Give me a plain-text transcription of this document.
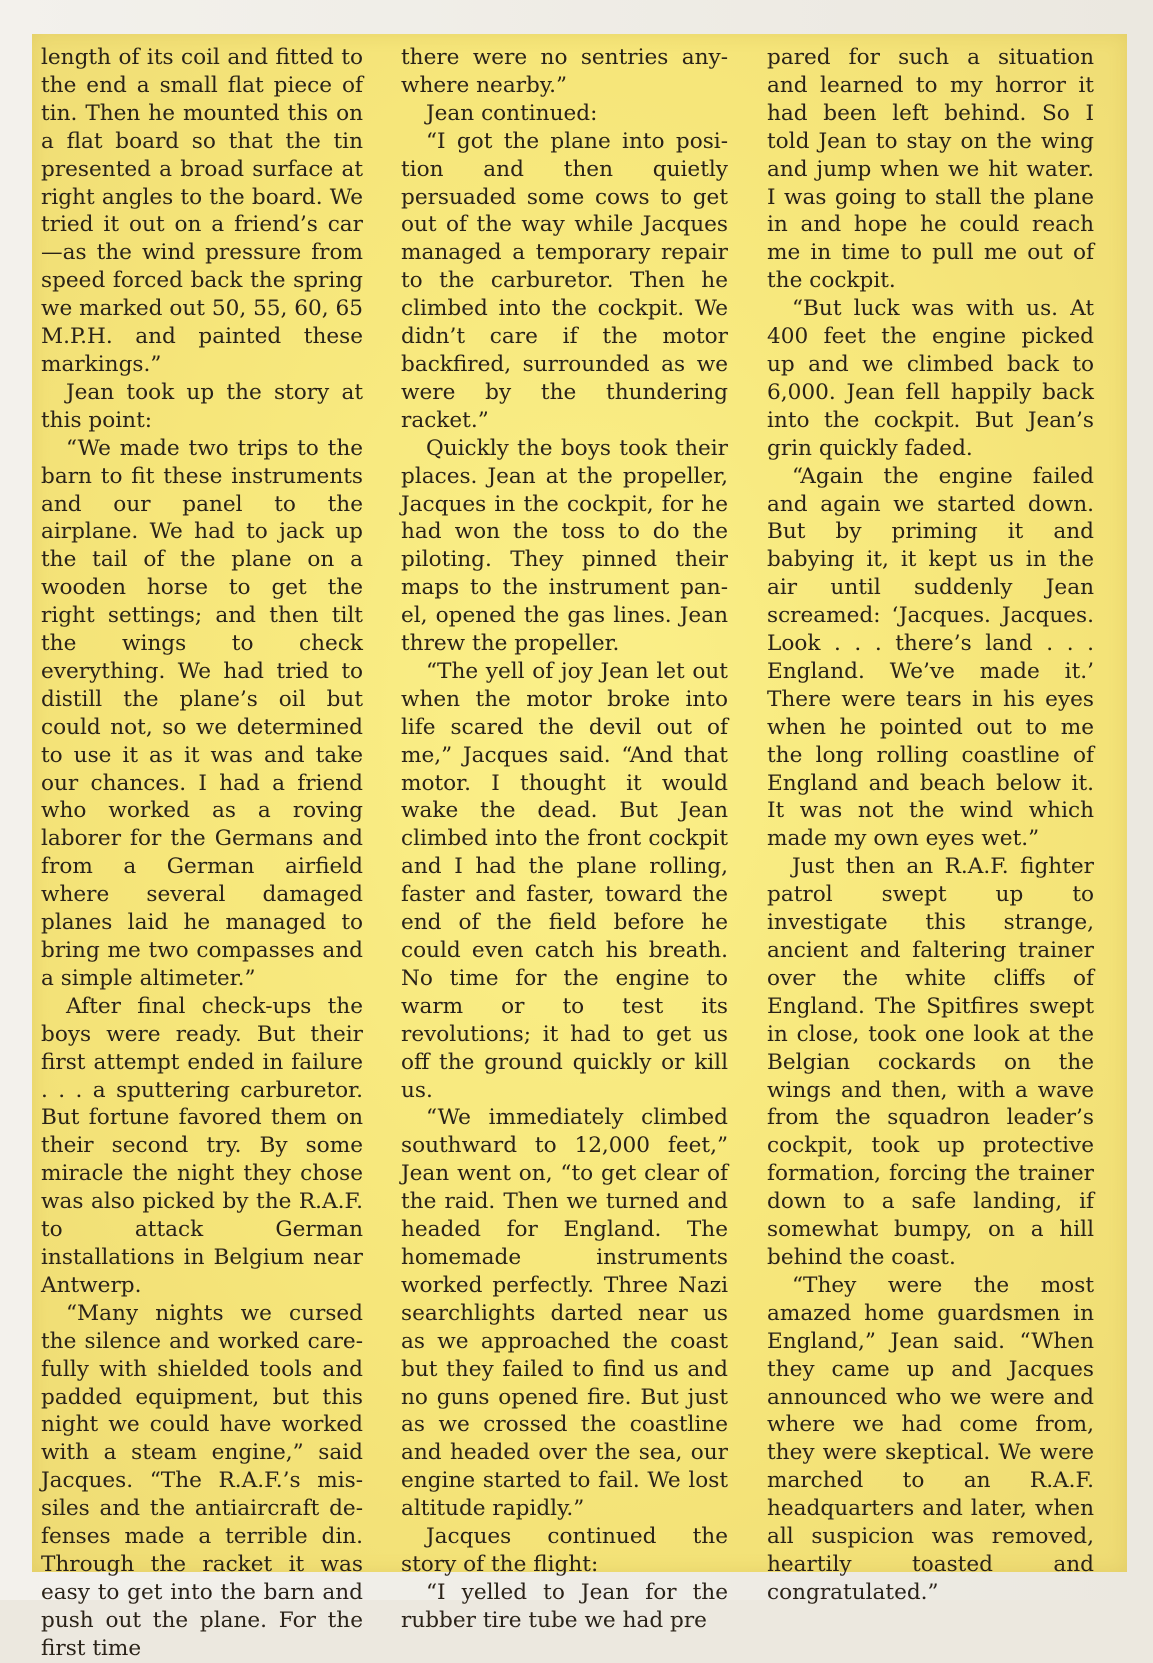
length of its coil and fitted to the end a small flat piece of tin. Then he mounted this on a flat board so that the tin presented a broad surface at right angles to the board. We tried it out on a friend’s car—as the wind pressure from speed forced back the spring we marked out 50, 55, 60, 65 M.P.H. and painted these markings.”

Jean took up the story at this point:

“We made two trips to the barn to fit these instruments and our panel to the airplane. We had to jack up the tail of the plane on a wooden horse to get the right settings; and then tilt the wings to check everything. We had tried to distill the plane’s oil but could not, so we determined to use it as it was and take our chances. I had a friend who worked as a roving laborer for the Germans and from a German airfield where several damaged planes laid he managed to bring me two compasses and a simple altimeter.”

After final check-ups the boys were ready. But their first attempt ended in failure . . . a sputtering carburetor. But fortune favored them on their second try. By some miracle the night they chose was also picked by the R.A.F. to attack German installations in Belgium near Antwerp.

“Many nights we cursed the silence and worked carefully with shielded tools and padded equipment, but this night we could have worked with a steam engine,” said Jacques. “The R.A.F.’s missiles and the antiaircraft defenses made a terrible din. Through the racket it was easy to get into the barn and push out the plane. For the first time

there were no sentries anywhere nearby.”

Jean continued:

“I got the plane into position and then quietly persuaded some cows to get out of the way while Jacques managed a temporary repair to the carburetor. Then he climbed into the cockpit. We didn’t care if the motor backfired, surrounded as we were by the thundering racket.”

Quickly the boys took their places. Jean at the propeller, Jacques in the cockpit, for he had won the toss to do the piloting. They pinned their maps to the instrument panel, opened the gas lines. Jean threw the propeller.

“The yell of joy Jean let out when the motor broke into life scared the devil out of me,” Jacques said. “And that motor. I thought it would wake the dead. But Jean climbed into the front cockpit and I had the plane rolling, faster and faster, toward the end of the field before he could even catch his breath. No time for the engine to warm or to test its revolutions; it had to get us off the ground quickly or kill us.

“We immediately climbed southward to 12,000 feet,” Jean went on, “to get clear of the raid. Then we turned and headed for England. The homemade instruments worked perfectly. Three Nazi searchlights darted near us as we approached the coast but they failed to find us and no guns opened fire. But just as we crossed the coastline and headed over the sea, our engine started to fail. We lost altitude rapidly.”

Jacques continued the story of the flight:

“I yelled to Jean for the rubber tire tube we had pre

pared for such a situation and learned to my horror it had been left behind. So I told Jean to stay on the wing and jump when we hit water. I was going to stall the plane in and hope he could reach me in time to pull me out of the cockpit.

“But luck was with us. At 400 feet the engine picked up and we climbed back to 6,000. Jean fell happily back into the cockpit. But Jean’s grin quickly faded.

“Again the engine failed and again we started down. But by priming it and babying it, it kept us in the air until suddenly Jean screamed: ‘Jacques. Jacques. Look . . . there’s land . . . England. We’ve made it.’ There were tears in his eyes when he pointed out to me the long rolling coastline of England and beach below it. It was not the wind which made my own eyes wet.”

Just then an R.A.F. fighter patrol swept up to investigate this strange, ancient and faltering trainer over the white cliffs of England. The Spitfires swept in close, took one look at the Belgian cockards on the wings and then, with a wave from the squadron leader’s cockpit, took up protective formation, forcing the trainer down to a safe landing, if somewhat bumpy, on a hill behind the coast.

“They were the most amazed home guardsmen in England,” Jean said. “When they came up and Jacques announced who we were and where we had come from, they were skeptical. We were marched to an R.A.F. headquarters and later, when all suspicion was removed, heartily toasted and congratulated.”
